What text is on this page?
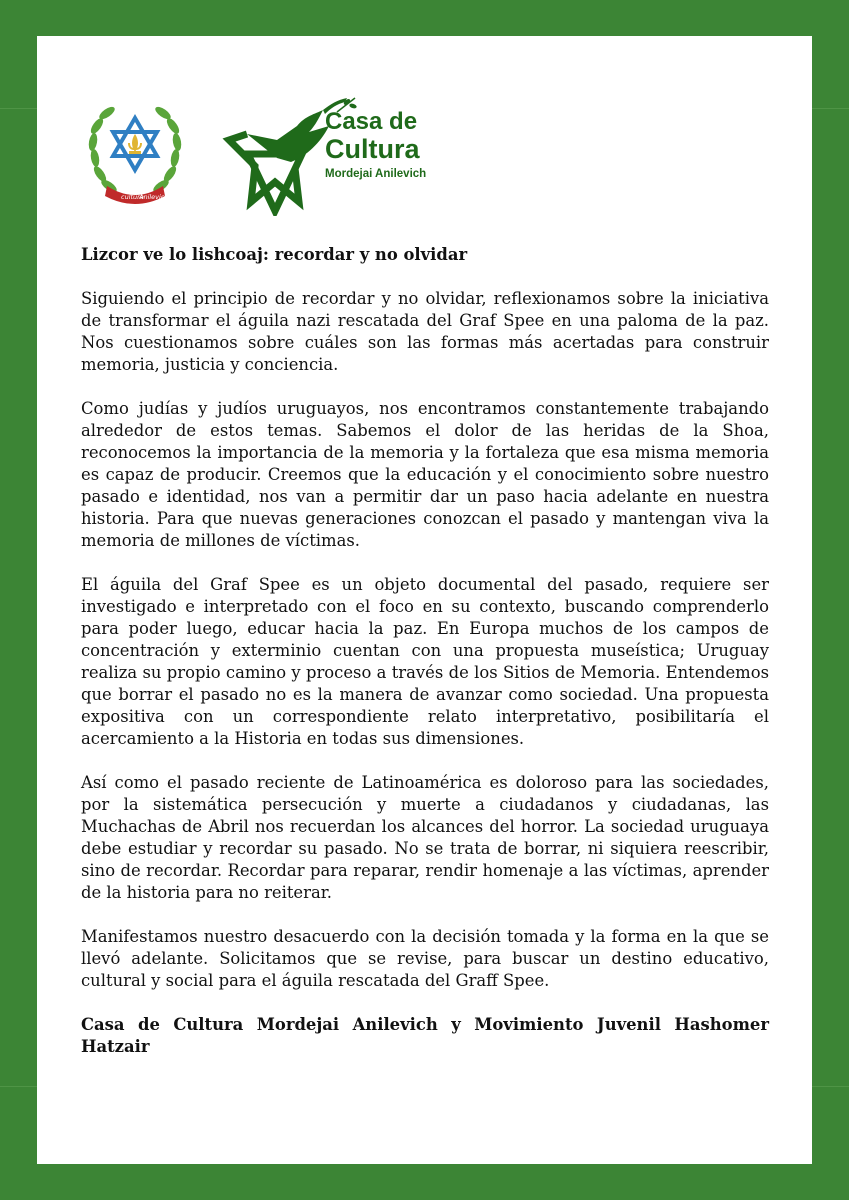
cultura
Anilevich
Casa de
Cultura
Mordejai Anilevich
Lizcor ve lo lishcoaj: recordar y no olvidar

Siguiendo el principio de recordar y no olvidar, reflexionamos sobre la iniciativa de transformar el águila nazi rescatada del Graf Spee en una paloma de la paz. Nos cuestionamos sobre cuáles son las formas más acertadas para construir memoria, justicia y conciencia.

Como judías y judíos uruguayos, nos encontramos constantemente trabajando alrededor de estos temas. Sabemos el dolor de las heridas de la Shoa, reconocemos la importancia de la memoria y la fortaleza que esa misma memoria es capaz de producir. Creemos que la educación y el conocimiento sobre nuestro pasado e identidad, nos van a permitir dar un paso hacia adelante en nuestra historia. Para que nuevas generaciones conozcan el pasado y mantengan viva la memoria de millones de víctimas.

El águila del Graf Spee es un objeto documental del pasado, requiere ser investigado e interpretado con el foco en su contexto, buscando comprenderlo para poder luego, educar hacia la paz. En Europa muchos de los campos de concentración y exterminio cuentan con una propuesta museística; Uruguay realiza su propio camino y proceso a través de los Sitios de Memoria. Entendemos que borrar el pasado no es la manera de avanzar como sociedad. Una propuesta expositiva con un correspondiente relato interpretativo, posibilitaría el acercamiento a la Historia en todas sus dimensiones.

Así como el pasado reciente de Latinoamérica es doloroso para las sociedades, por la sistemática persecución y muerte a ciudadanos y ciudadanas, las Muchachas de Abril nos recuerdan los alcances del horror. La sociedad uruguaya debe estudiar y recordar su pasado. No se trata de borrar, ni siquiera reescribir, sino de recordar. Recordar para reparar, rendir homenaje a las víctimas, aprender de la historia para no reiterar.

Manifestamos nuestro desacuerdo con la decisión tomada y la forma en la que se llevó adelante. Solicitamos que se revise, para buscar un destino educativo, cultural y social para el águila rescatada del Graff Spee.

Casa de Cultura Mordejai Anilevich y Movimiento Juvenil Hashomer Hatzair
